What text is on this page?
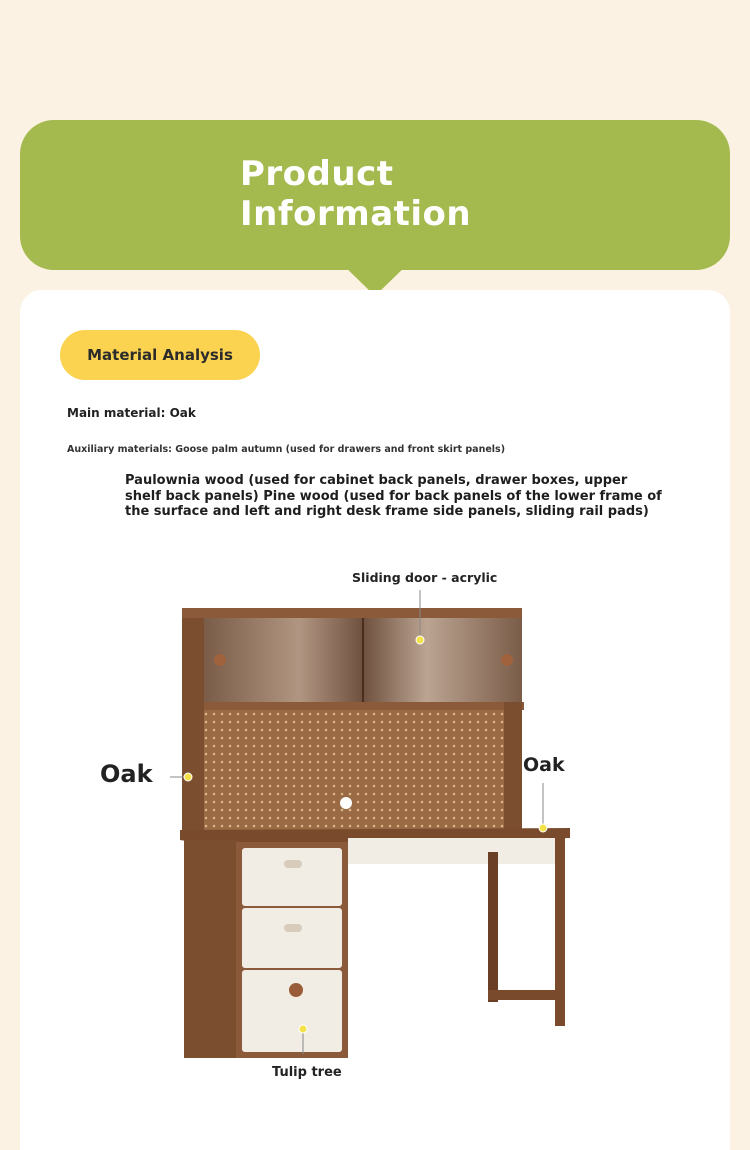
Product
Information
Material Analysis
Main material: Oak
Auxiliary materials: Goose palm autumn (used for drawers and front skirt panels)
Paulownia wood (used for cabinet back panels, drawer boxes, upper shelf back panels) Pine wood (used for back panels of the lower frame of the surface and left and right desk frame side panels, sliding rail pads)
Sliding door - acrylic
Oak	Oak
Tulip tree
